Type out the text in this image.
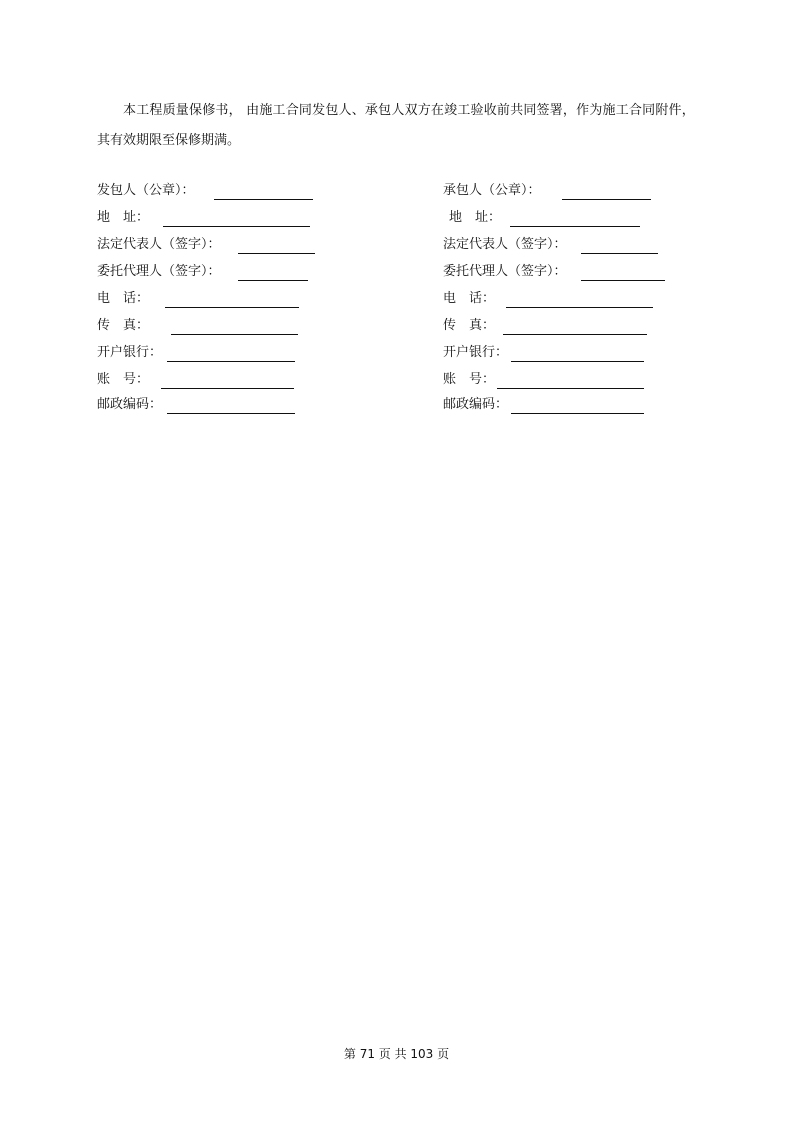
本工程质量保修书， 由施工合同发包人、承包人双方在竣工验收前共同签署，作为施工合同附件，
其有效期限至保修期满。

发包人（公章）：
地　址：
法定代表人（签字）：
委托代理人（签字）：
电　话：
传　真：
开户银行：
账　号：
邮政编码：
承包人（公章）：
地　址：
法定代表人（签字）：
委托代理人（签字）：
电　话：
传　真：
开户银行：
账　号：
邮政编码：
第 71 页 共 103 页
